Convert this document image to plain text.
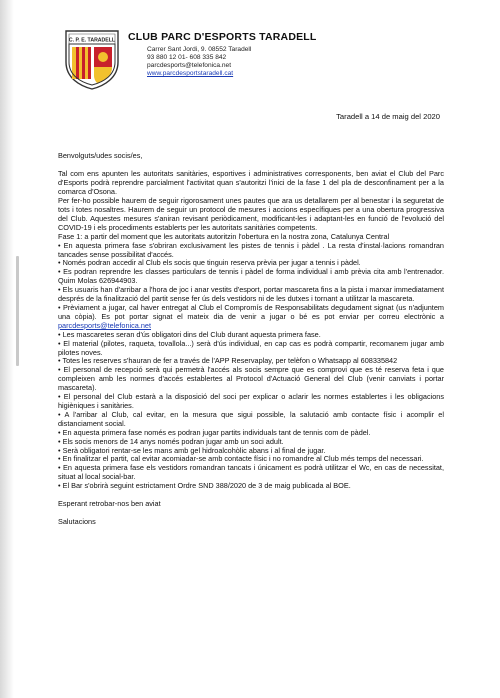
C. P. E. TARADELL CLUB PARC D'ESPORTS TARADELL
Carrer Sant Jordi, 9. 08552 Taradell
93 880 12 01- 608 335 842
parcdesports@telefonica.net
www.parcdesportstaradell.cat
Taradell a 14 de maig del 2020

Benvolguts/udes socis/es,

Tal com ens apunten les autoritats sanitàries, esportives i administratives corresponents, ben aviat el Club del Parc d'Esports podrà reprendre parcialment l'activitat quan s'autoritzi l'inici de la fase 1 del pla de desconfinament per a la comarca d'Osona.

Per fer-ho possible haurem de seguir rigorosament unes pautes que ara us detallarem per al benestar i la seguretat de tots i totes nosaltres. Haurem de seguir un protocol de mesures i accions específiques per a una obertura progressiva del Club. Aquestes mesures s'aniran revisant periòdicament, modificant-les i adaptant-les en funció de l'evolució del COVID-19 i els procediments establerts per les autoritats sanitàries competents.

Fase 1: a partir del moment que les autoritats autoritzin l'obertura en la nostra zona, Catalunya Central

• En aquesta primera fase s'obriran exclusivament les pistes de tennis i pàdel . La resta d'instal·lacions romandran tancades sense possibilitat d'accés.
• Només podran accedir al Club els socis que tinguin reserva prèvia per jugar a tennis i pàdel.
• Es podran reprendre les classes particulars de tennis i pàdel de forma individual i amb prèvia cita amb l'entrenador. Quim Molas 626944903.
• Els usuaris han d'arribar a l'hora de joc i anar vestits d'esport, portar mascareta fins a la pista i marxar immediatament després de la finalització del partit sense fer ús dels vestidors ni de les dutxes i tornant a utilitzar la mascareta.
• Prèviament a jugar, cal haver entregat al Club el Compromís de Responsabilitats degudament signat (us n'adjuntem una còpia). Es pot portar signat el mateix dia de venir a jugar o bé es pot enviar per correu electrònic a parcdesports@telefonica.net
• Les mascaretes seran d'ús obligatori dins del Club durant aquesta primera fase.
• El material (pilotes, raqueta, tovallola...) serà d'ús individual, en cap cas es podrà compartir, recomanem jugar amb pilotes noves.
• Totes les reserves s'hauran de fer a través de l'APP Reservaplay, per telèfon o Whatsapp al 608335842
• El personal de recepció serà qui permetrà l'accés als socis sempre que es comprovi que es té reserva feta i que compleixen amb les normes d'accés establertes al Protocol d'Actuació General del Club (venir canviats i portar mascareta).
• El personal del Club estarà a la disposició del soci per explicar o aclarir les normes establertes i les obligacions higièniques i sanitàries.
• A l'arribar al Club, cal evitar, en la mesura que sigui possible, la salutació amb contacte físic i acomplir el distanciament social.
• En aquesta primera fase només es podran jugar partits individuals tant de tennis com de pàdel.
• Els socis menors de 14 anys només podran jugar amb un soci adult.
• Serà obligatori rentar-se les mans amb gel hidroalcohòlic abans i al final de jugar.
• En finalitzar el partit, cal evitar acomiadar-se amb contacte físic i no romandre al Club més temps del necessari.
• En aquesta primera fase els vestidors romandran tancats i únicament es podrà utilitzar el Wc, en cas de necessitat, situat al local social-bar.
• El Bar s'obrirà seguint estrictament Ordre SND 388/2020 de 3 de maig publicada al BOE.

Esperant retrobar-nos ben aviat

Salutacions
